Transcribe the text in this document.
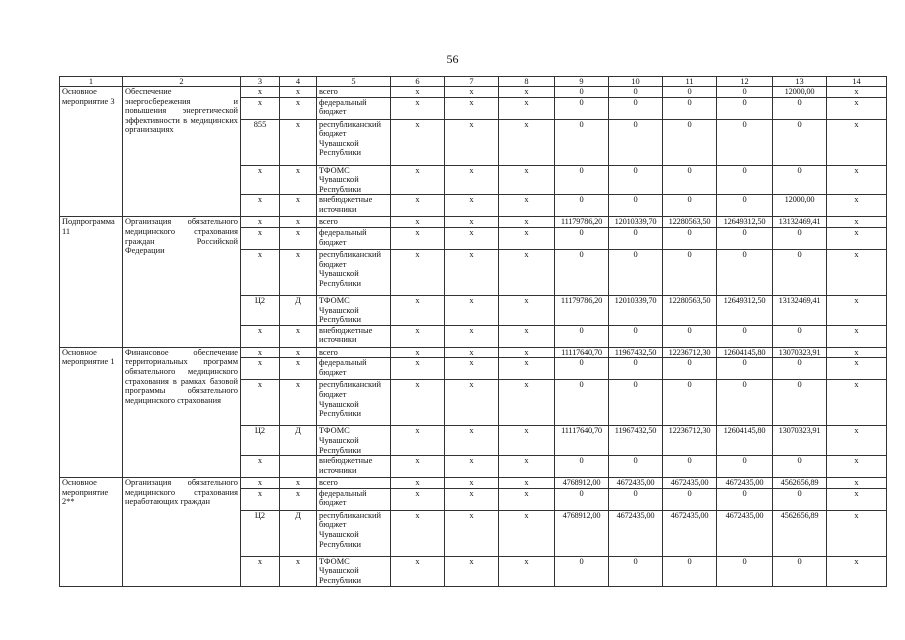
56
1	2	3	4	5	6	7	8	9	10	11	12	13	14
Основное мероприятие 3	Обеспечение энергосбережения и повышения энергетической эффективности в медицинских организациях	x	x	всего	x	x	x	0	0	0	0	12000,00	x
		x	x	федеральный бюджет	x	x	x	0	0	0	0	0	x
		855	x	республиканский бюджет Чувашской Республики	x	x	x	0	0	0	0	0	x
		x	x	ТФОМС Чувашской Республики	x	x	x	0	0	0	0	0	x
		x	x	внебюджетные источники	x	x	x	0	0	0	0	12000,00	x
Подпрограмма 11	Организация обязательного медицинского страхования граждан Российской Федерации	x	x	всего	x	x	x	11179786,20	12010339,70	12280563,50	12649312,50	13132469,41	x
		x	x	федеральный бюджет	x	x	x	0	0	0	0	0	x
		x	x	республиканский бюджет Чувашской Республики	x	x	x	0	0	0	0	0	x
		Ц2	Д	ТФОМС Чувашской Республики	x	x	x	11179786,20	12010339,70	12280563,50	12649312,50	13132469,41	x
		x	x	внебюджетные источники	x	x	x	0	0	0	0	0	x
Основное мероприятие 1	Финансовое обеспечение территориальных программ обязательного медицинского страхования в рамках базовой программы обязательного медицинского страхования	x	x	всего	x	x	x	11117640,70	11967432,50	12236712,30	12604145,80	13070323,91	x
		x	x	федеральный бюджет	x	x	x	0	0	0	0	0	x
		x	x	республиканский бюджет Чувашской Республики	x	x	x	0	0	0	0	0	x
		Ц2	Д	ТФОМС Чувашской Республики	x	x	x	11117640,70	11967432,50	12236712,30	12604145,80	13070323,91	x
		x		внебюджетные источники	x	x	x	0	0	0	0	0	x
Основное мероприятие 2**	Организация обязательного медицинского страхования неработающих граждан	x	x	всего	x	x	x	4768912,00	4672435,00	4672435,00	4672435,00	4562656,89	x
		x	x	федеральный бюджет	x	x	x	0	0	0	0	0	x
		Ц2	Д	республиканский бюджет Чувашской Республики	x	x	x	4768912,00	4672435,00	4672435,00	4672435,00	4562656,89	x
		x	x	ТФОМС Чувашской Республики	x	x	x	0	0	0	0	0	x
